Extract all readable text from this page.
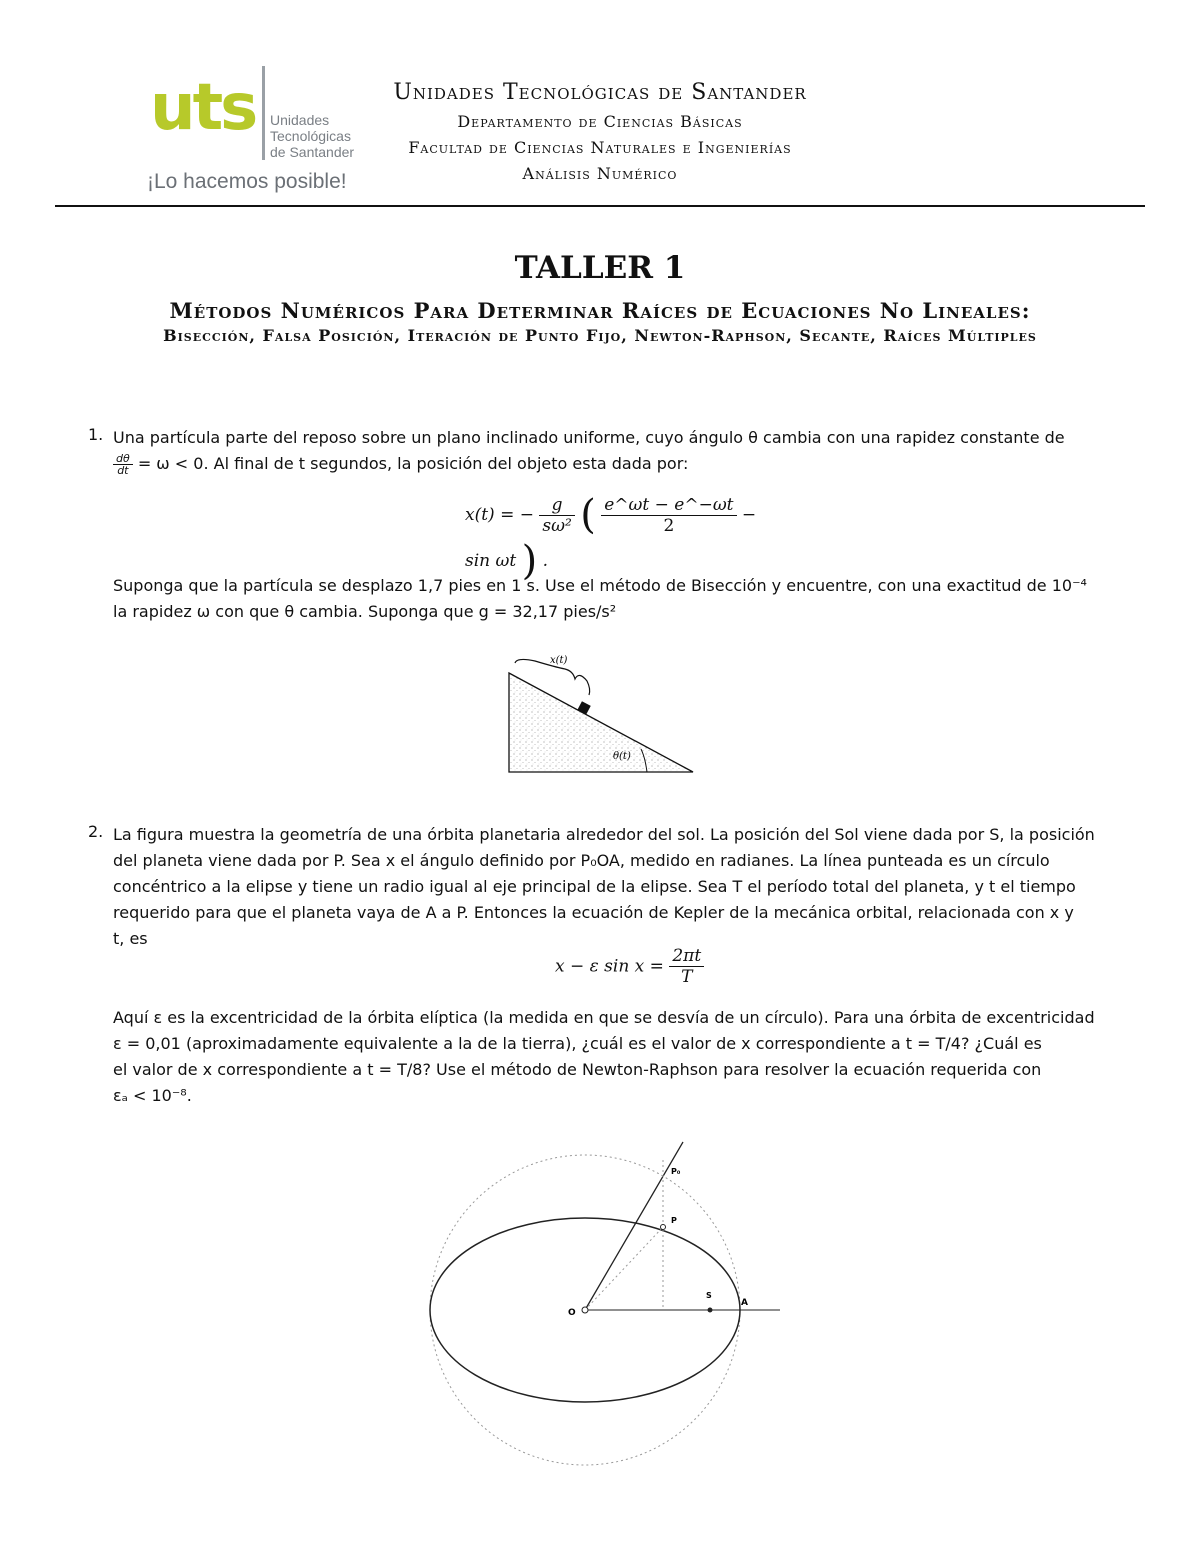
uts Unidades
Tecnológicas
de Santander
¡Lo hacemos posible!
Unidades Tecnológicas de Santander
Departamento de Ciencias Básicas
Facultad de Ciencias Naturales e Ingenierías
Análisis Numérico
TALLER 1
Métodos Numéricos Para Determinar Raíces de Ecuaciones No Lineales:
Bisección, Falsa Posición, Iteración de Punto Fijo, Newton-Raphson, Secante, Raíces Múltiples
1. Una partícula parte del reposo sobre un plano inclinado uniforme, cuyo ángulo θ cambia con una rapidez constante de
$\frac{d\theta}{dt} = \omega < 0$. Al final de t segundos, la posición del objeto esta dada por:
x(t) = − $\frac{g}{\text{sω²}}$ ( $\frac{e\^{}\omega t - e\^{}-\omega t}{2} - \sin \omega t$ ) .
Suponga que la partícula se desplazo 1,7 pies en 1 s. Use el método de Bisección y encuentre, con una exactitud de 10⁻⁴
la rapidez ω con que θ cambia. Suponga que g = 32,17 pies/s²
x(t)
θ(t)
2. La figura muestra la geometría de una órbita planetaria alrededor del sol. La posición del Sol viene dada por S, la posición
del planeta viene dada por P. Sea x el ángulo definido por P₀OA, medido en radianes. La línea punteada es un círculo
concéntrico a la elipse y tiene un radio igual al eje principal de la elipse. Sea T el período total del planeta, y t el tiempo
requerido para que el planeta vaya de A a P. Entonces la ecuación de Kepler de la mecánica orbital, relacionada con x y
t, es
x − ε $\sin x = \frac{2\pi t}{T}$
Aquí ε es la excentricidad de la órbita elíptica (la medida en que se desvía de un círculo). Para una órbita de excentricidad
ε = 0,01 (aproximadamente equivalente a la de la tierra), ¿cuál es el valor de x correspondiente a t = T/4? ¿Cuál es
el valor de x correspondiente a t = T/8? Use el método de Newton-Raphson para resolver la ecuación requerida con
εₐ < 10⁻⁸.
O
A
S
P
P₀
